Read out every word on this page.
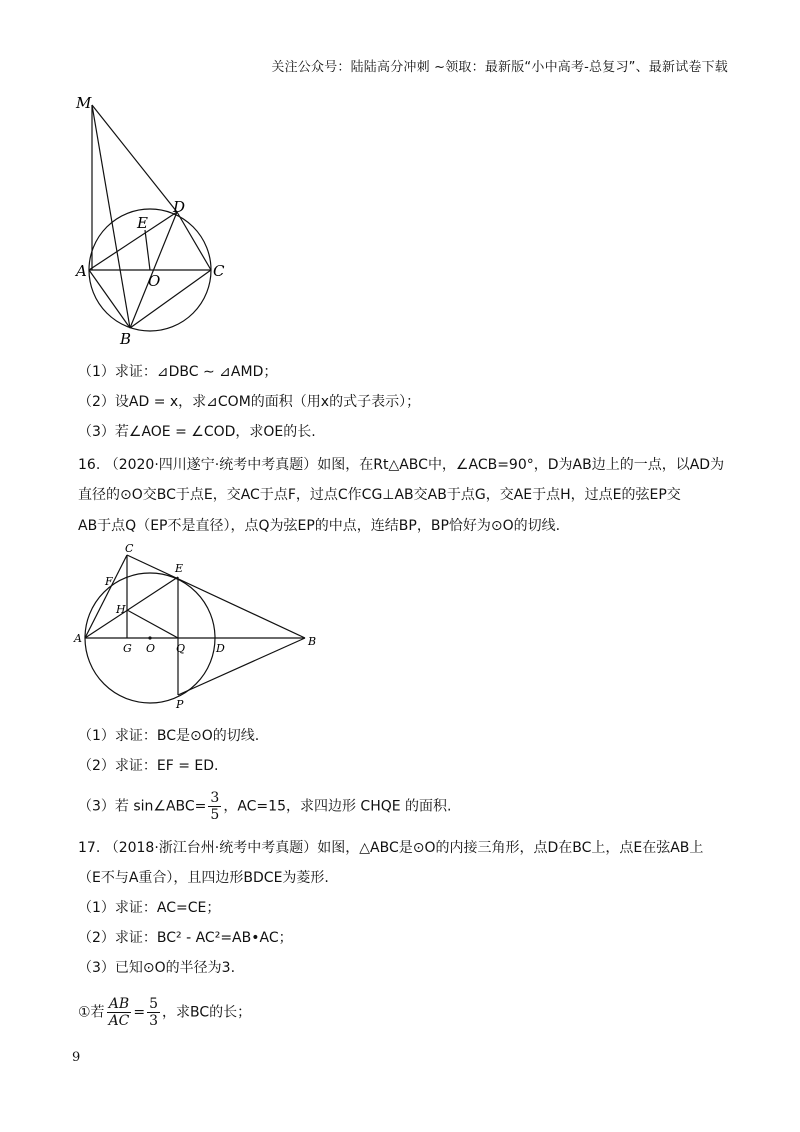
关注公众号：陆陆高分冲刺 ~领取：最新版“小中高考-总复习”、最新试卷下载
M
D
E
A
O
C
B
（1）求证：⊿DBC ∼ ⊿AMD；
（2）设AD = x，求⊿COM的面积（用x的式子表示）；
（3）若∠AOE = ∠COD，求OE的长.
16. （2020·四川遂宁·统考中考真题）如图，在Rt△ABC中，∠ACB=90°，D为AB边上的一点，以AD为
直径的⊙O交BC于点E，交AC于点F，过点C作CG⊥AB交AB于点G，交AE于点H，过点E的弦EP交
AB于点Q（EP不是直径），点Q为弦EP的中点，连结BP，BP恰好为⊙O的切线.
C
F
E
H
A
G O Q	D
B
P
（1）求证：BC是⊙O的切线.
（2）求证：EF = ED.
（3）若 sin∠ABC= $\frac{3}{5}$ ，AC=15，求四边形 CHQE 的面积.
17. （2018·浙江台州·统考中考真题）如图，△ABC是⊙O的内接三角形，点D在BC上，点E在弦AB上
（E不与A重合），且四边形BDCE为菱形.
（1）求证：AC=CE；
（2）求证：BC² - AC²=AB•AC；
（3）已知⊙O的半径为3.
①若 $\frac{AB}{AC} = \frac{5}{3}$ ，求BC的长；
9
